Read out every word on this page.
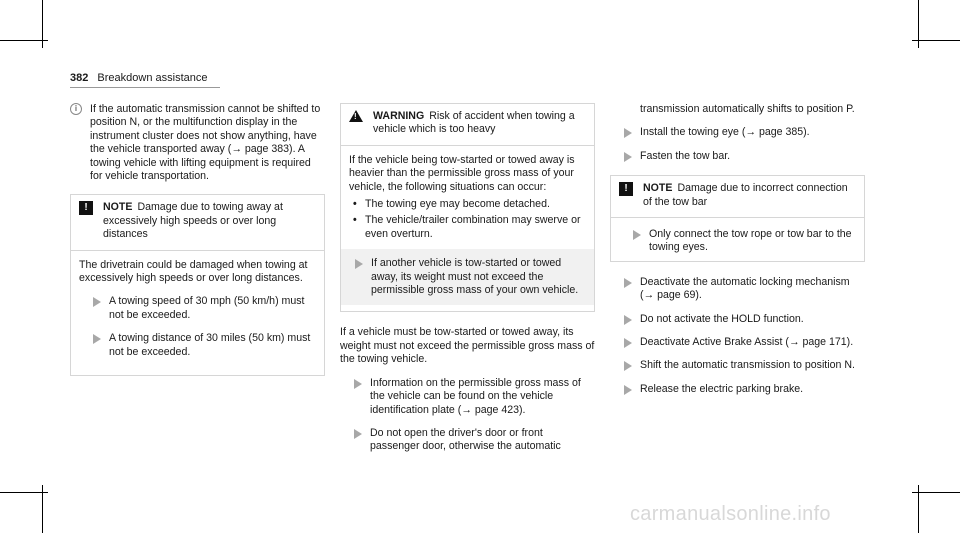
382 Breakdown assistance
i	If the automatic transmission cannot be shifted to position N, or the multifunction display in the instrument cluster does not show anything, have the vehicle transported away (→ page 383). A towing vehicle with lifting equipment is required for vehicle transportation.

!	NOTE Damage due to towing away at excessively high speeds or over long distances

The drivetrain could be damaged when towing at excessively high speeds or over long distances.

A towing speed of 30 mph (50 km/h) must not be exceeded.

A towing distance of 30 miles (50 km) must not be exceeded.

! WARNING Risk of accident when towing a vehicle which is too heavy

If the vehicle being tow-started or towed away is heavier than the permissible gross mass of your vehicle, the following situations can occur:

• The towing eye may become detached.
• The vehicle/trailer combination may swerve or even overturn.

If another vehicle is tow-started or towed away, its weight must not exceed the permissible gross mass of your own vehicle.

If a vehicle must be tow-started or towed away, its weight must not exceed the permissible gross mass of the towing vehicle.

Information on the permissible gross mass of the vehicle can be found on the vehicle identification plate (→ page 423).

Do not open the driver's door or front passenger door, otherwise the automatic

transmission automatically shifts to position P.

Install the towing eye (→ page 385).

Fasten the tow bar.

!	NOTE Damage due to incorrect connection of the tow bar

Only connect the tow rope or tow bar to the towing eyes.

Deactivate the automatic locking mechanism (→ page 69).

Do not activate the HOLD function.

Deactivate Active Brake Assist (→ page 171).

Shift the automatic transmission to position N.

Release the electric parking brake.

carmanualsonline.info
